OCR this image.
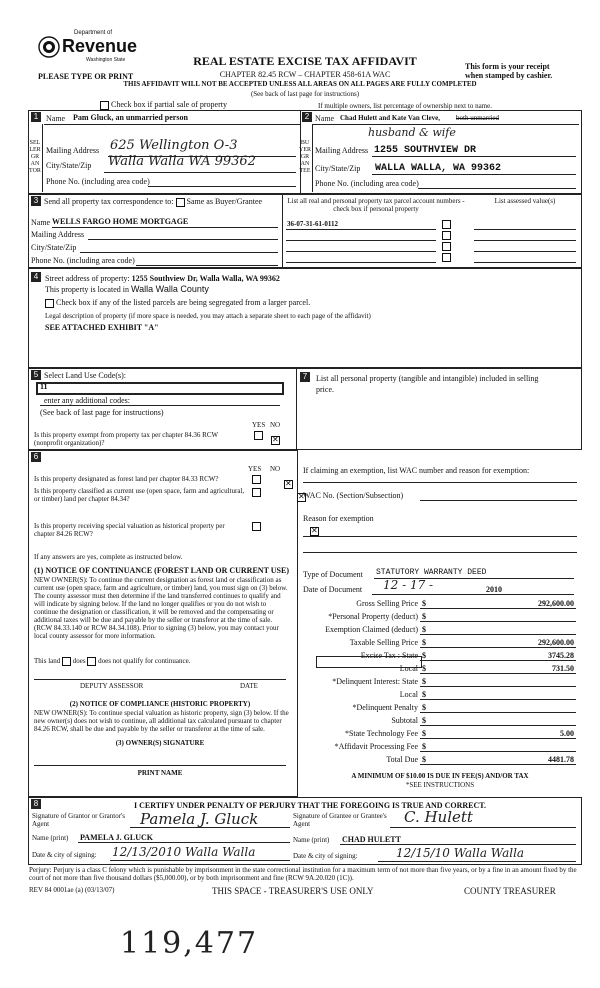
Department of
Revenue
Washington State
PLEASE TYPE OR PRINT
REAL ESTATE EXCISE TAX AFFIDAVIT
CHAPTER 82.45 RCW – CHAPTER 458-61A WAC
THIS AFFIDAVIT WILL NOT BE ACCEPTED UNLESS ALL AREAS ON ALL PAGES ARE FULLY COMPLETED
(See back of last page for instructions)
This form is your receipt
when stamped by cashier.
Check box if partial sale of property	If multiple owners, list percentage of ownership next to name.
1	2
SELLER GRANTOR
BUYER GRANTEE
Name Pam Gluck, an unmarried person
Mailing Address 625 Wellington O-3
City/State/Zip Walla Walla WA 99362
Phone No. (including area code)
Name Chad Hulett and Kate Van Cleve, both unmarried
husband & wife
Mailing Address 1255 SOUTHVIEW DR
City/State/Zip WALLA WALLA, WA 99362
Phone No. (including area code)
3 Send all property tax correspondence to: Same as Buyer/Grantee
Name WELLS FARGO HOME MORTGAGE
Mailing Address
City/State/Zip
Phone No. (including area code)
List all real and personal property tax parcel account numbers - check box if personal property
List assessed value(s)
36-07-31-61-0112
4 Street address of property: 1255 Southview Dr, Walla Walla, WA 99362
This property is located in Walla Walla County
Check box if any of the listed parcels are being segregated from a larger parcel.
Legal description of property (if more space is needed, you may attach a separate sheet to each page of the affidavit)
SEE ATTACHED EXHIBIT "A"
5 Select Land Use Code(s):
11
enter any additional codes:
(See back of last page for instructions)
YES NO
Is this property exempt from property tax per chapter 84.36 RCW (nonprofit organization)?
✕
7	List all personal property (tangible and intangible) included in selling price.
6
YES NO
Is this property designated as forest land per chapter 84.33 RCW?
✕
Is this property classified as current use (open space, farm and agricultural, or timber) land per chapter 84.34?
✕
Is this property receiving special valuation as historical property per chapter 84.26 RCW?
✕
If any answers are yes, complete as instructed below.
(1) NOTICE OF CONTINUANCE (FOREST LAND OR CURRENT USE)
NEW OWNER(S): To continue the current designation as forest land or classification as current use (open space, farm and agriculture, or timber) land, you must sign on (3) below. The county assessor must then determine if the land transferred continues to qualify and will indicate by signing below. If the land no longer qualifies or you do not wish to continue the designation or classification, it will be removed and the compensating or additional taxes will be due and payable by the seller or transferor at the time of sale. (RCW 84.33.140 or RCW 84.34.108). Prior to signing (3) below, you may contact your local county assessor for more information.
This land does does not qualify for continuance.
DEPUTY ASSESSOR	DATE
(2) NOTICE OF COMPLIANCE (HISTORIC PROPERTY)
NEW OWNER(S): To continue special valuation as historic property, sign (3) below. If the new owner(s) does not wish to continue, all additional tax calculated pursuant to chapter 84.26 RCW, shall be due and payable by the seller or transferor at the time of sale.
(3) OWNER(S) SIGNATURE
PRINT NAME
If claiming an exemption, list WAC number and reason for exemption:
WAC No. (Section/Subsection)
Reason for exemption
Type of Document STATUTORY WARRANTY DEED
Date of Document 12 - 17 -	2010
Gross Selling Price $	292,600.00
*Personal Property (deduct) $
Exemption Claimed (deduct) $
Taxable Selling Price $	292,600.00
Excise Tax : State $	3745.28
Local $	731.50
*Delinquent Interest: State $
Local $
*Delinquent Penalty $
Subtotal $
*State Technology Fee $	5.00
*Affidavit Processing Fee $
Total Due $	4481.78
A MINIMUM OF $10.00 IS DUE IN FEE(S) AND/OR TAX
*SEE INSTRUCTIONS
8	I CERTIFY UNDER PENALTY OF PERJURY THAT THE FOREGOING IS TRUE AND CORRECT.
Signature of Grantor or Grantor's Agent	Pamela J. Gluck
Name (print) PAMELA J. GLUCK
Date & city of signing: 12/13/2010 Walla Walla
Signature of Grantee or Grantee's Agent	C. Hulett
Name (print) CHAD HULETT
Date & city of signing:	12/15/10 Walla Walla
Perjury: Perjury is a class C felony which is punishable by imprisonment in the state correctional institution for a maximum term of not more than five years, or by a fine in an amount fixed by the court of not more than five thousand dollars ($5,000.00), or by both imprisonment and fine (RCW 9A.20.020 (1C)).
REV 84 0001ae (a) (03/13/07)	THIS SPACE - TREASURER'S USE ONLY	COUNTY TREASURER
119,477
